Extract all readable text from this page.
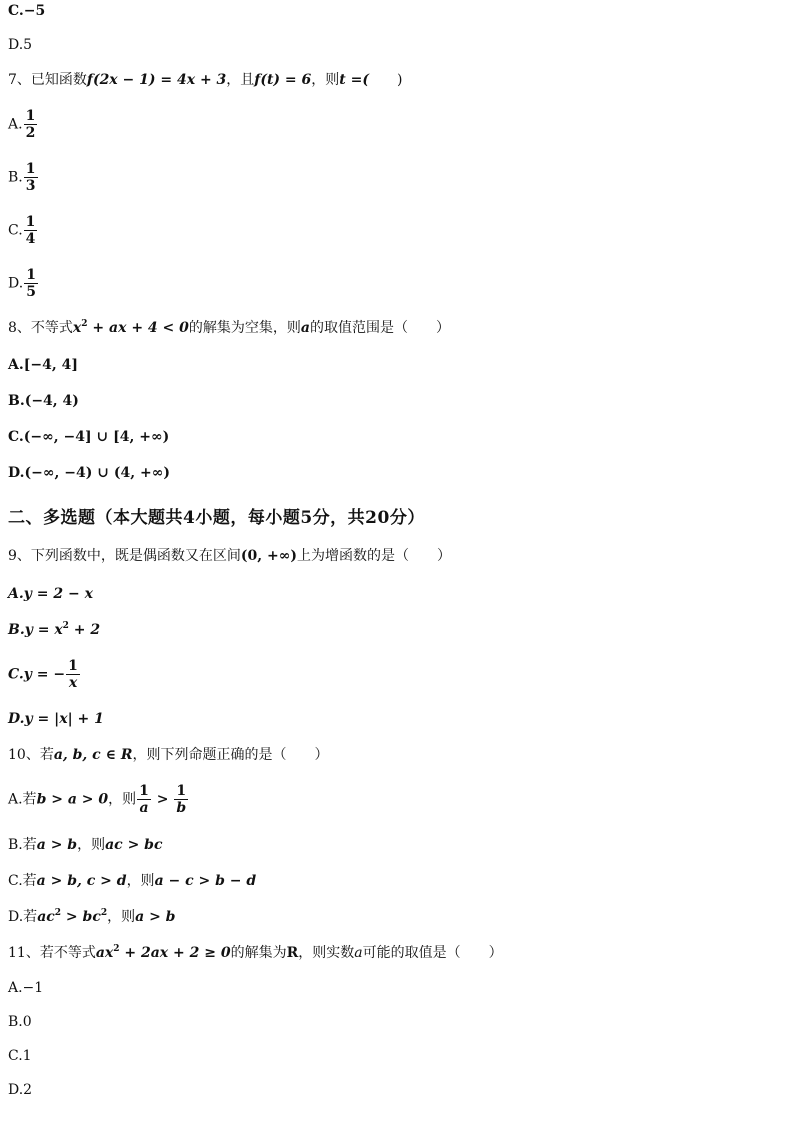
C.−5
D.5
7、已知函数f(2x − 1) = 4x + 3，且f(t) = 6，则t =(　　)
A. $\frac{1}{2}$
B. $\frac{1}{3}$
C. $\frac{1}{4}$
D. $\frac{1}{5}$
8、不等式$x^2$ + ax + 4 < 0的解集为空集，则a的取值范围是（　　）
A.[−4, 4]
B.(−4, 4)
C.(−∞, −4] ∪ [4, +∞)
D.(−∞, −4) ∪ (4, +∞)
二、多选题（本大题共4小题，每小题5分，共20分）
9、下列函数中，既是偶函数又在区间(0, +∞)上为增函数的是（　　）
A.y = 2 − x
$B.y = x^2 + 2$
C.y = − $\frac{1}{x}$
D.y = |x| + 1
10、若a, b, c ∈ R，则下列命题正确的是（　　）
A.若b > a > 0，则 $\frac{1}{a} > \frac{1}{b}$
B.若a > b，则ac > bc
C.若a > b, c > d，则a − c > b − d
D.若$ac^2 > bc^2$，则a > b
11、若不等式$ax^2 + 2ax + 2 \ge 0$的解集为R，则实数a可能的取值是（　　）
A.−1
B.0
C.1
D.2
